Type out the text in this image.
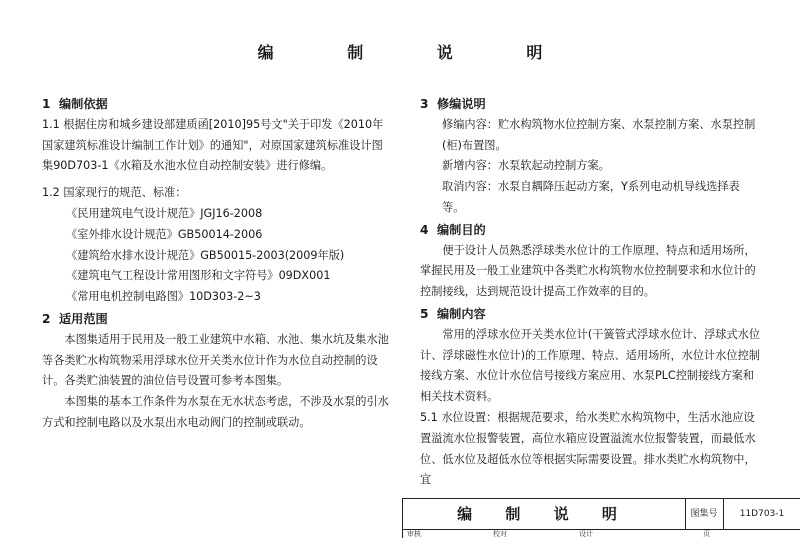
编 制 说 明
1 编制依据
1.1 根据住房和城乡建设部建质函[2010]95号文"关于印发《2010年国家建筑标准设计编制工作计划》的通知"，对原国家建筑标准设计图集90D703-1《水箱及水池水位自动控制安装》进行修编。
1.2 国家现行的规范、标准：
《民用建筑电气设计规范》JGJ16-2008
《室外排水设计规范》GB50014-2006
《建筑给水排水设计规范》GB50015-2003(2009年版)
《建筑电气工程设计常用图形和文字符号》09DX001
《常用电机控制电路图》10D303-2~3
2 适用范围
本图集适用于民用及一般工业建筑中水箱、水池、集水坑及集水池等各类贮水构筑物采用浮球水位开关类水位计作为水位自动控制的设计。各类贮油装置的油位信号设置可参考本图集。
本图集的基本工作条件为水泵在无水状态考虑，不涉及水泵的引水方式和控制电路以及水泵出水电动阀门的控制或联动。
3 修编说明
修编内容：贮水构筑物水位控制方案、水泵控制方案、水泵控制(柜)布置图。
新增内容：水泵软起动控制方案。
取消内容：水泵自耦降压起动方案，Y系列电动机导线选择表等。
4 编制目的
便于设计人员熟悉浮球类水位计的工作原理、特点和适用场所，掌握民用及一般工业建筑中各类贮水构筑物水位控制要求和水位计的控制接线，达到规范设计提高工作效率的目的。
5 编制内容
常用的浮球水位开关类水位计(干簧管式浮球水位计、浮球式水位计、浮球磁性水位计)的工作原理、特点、适用场所，水位计水位控制接线方案、水位计水位信号接线方案应用、水泵PLC控制接线方案和相关技术资料。
5.1 水位设置：根据规范要求，给水类贮水构筑物中，生活水池应设置溢流水位报警装置，高位水箱应设置溢流水位报警装置，而最低水位、低水位及超低水位等根据实际需要设置。排水类贮水构筑物中，宜
编 制 说 明	图集号	11D703-1
审核	校对	设计	页
